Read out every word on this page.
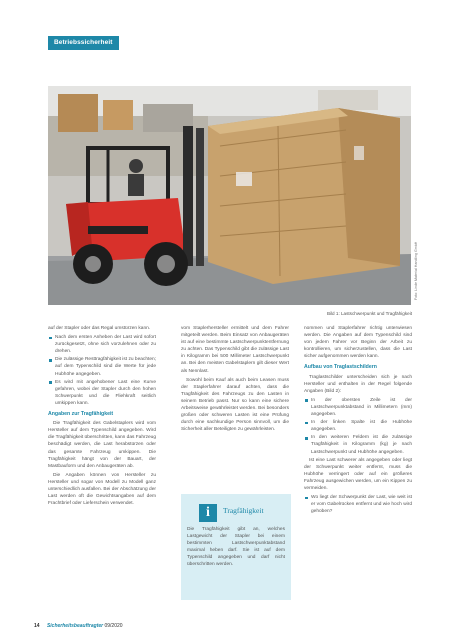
Betriebssicherheit
Foto: Linde Material Handling GmbH
Bild 1: Lastschwerpunkt und Tragfähigkeit

auf der Stapler oder das Regal umstürzen kann.

Nach dem ersten Anheben der Last wird sofort zurückgesetzt, ohne sich vorzulehnen oder zu drehen.
Die zulässige Resttragfähigkeit ist zu beachten; auf dem Typenschild sind die Werte für jede Hubhöhe angegeben.
Es wird mit angehobener Last eine Kurve gefahren, wobei der Stapler durch den hohen Schwerpunkt und die Fliehkraft seitlich umkippen kann.
Angaben zur Tragfähigkeit

Die Tragfähigkeit des Gabelstaplers wird vom Hersteller auf dem Typenschild angegeben. Wird die Tragfähigkeit überschritten, kann das Fahrzeug beschädigt werden, die Last herabstürzen oder das gesamte Fahrzeug umkippen. Die Tragfähigkeit hängt von der Bauart, der Mastbauform und den Anbaugeräten ab.

Die Angaben können von Hersteller zu Hersteller und sogar von Modell zu Modell ganz unterschiedlich ausfallen. Bei der Abschätzung der Last werden oft die Gewichtsangaben auf dem Frachtbrief oder Lieferschein verwendet.

vom Staplerhersteller ermittelt und dem Fahrer mitgeteilt werden. Beim Einsatz von Anbaugeräten ist auf eine bestimmte Lastschwerpunktentfernung zu achten. Das Typenschild gibt die zulässige Last in Kilogramm bei 500 Millimeter Lastschwerpunkt an. Bei den meisten Gabelstaplern gilt dieser Wert als Nennlast.

Sowohl beim Kauf als auch beim Leasen muss der Staplerfahrer darauf achten, dass die Tragfähigkeit des Fahrzeugs zu den Lasten in seinem Betrieb passt. Nur so kann eine sichere Arbeitsweise gewährleistet werden. Bei besonders großen oder schweren Lasten ist eine Prüfung durch eine sachkundige Person sinnvoll, um die Sicherheit aller Beteiligten zu gewährleisten.

i	Tragfähigkeit
Die Tragfähigkeit gibt an, welches Lastgewicht der Stapler bei einem bestimmten Lastschwerpunktabstand maximal heben darf. Sie ist auf dem Typenschild angegeben und darf nicht überschritten werden.

nommen und Staplerfahrer richtig unterwiesen werden. Die Angaben auf dem Typenschild sind von jedem Fahrer vor Beginn der Arbeit zu kontrollieren, um sicherzustellen, dass die Last sicher aufgenommen werden kann.

Aufbau von Traglastschildern

Traglastschilder unterscheiden sich je nach Hersteller und enthalten in der Regel folgende Angaben (Bild 2):

In der obersten Zeile ist der Lastschwerpunktabstand in Millimetern (mm) angegeben.
In der linken Spalte ist die Hubhöhe angegeben.
In den weiteren Feldern ist die zulässige Tragfähigkeit in Kilogramm (kg) je nach Lastschwerpunkt und Hubhöhe angegeben.

Ist eine Last schwerer als angegeben oder liegt der Schwerpunkt weiter entfernt, muss die Hubhöhe verringert oder auf ein größeres Fahrzeug ausgewichen werden, um ein Kippen zu vermeiden.

Wo liegt der Schwerpunkt der Last, wie weit ist er vom Gabelrücken entfernt und wie hoch wird gehoben?
14 Sicherheitsbeauftragter 09/2020
